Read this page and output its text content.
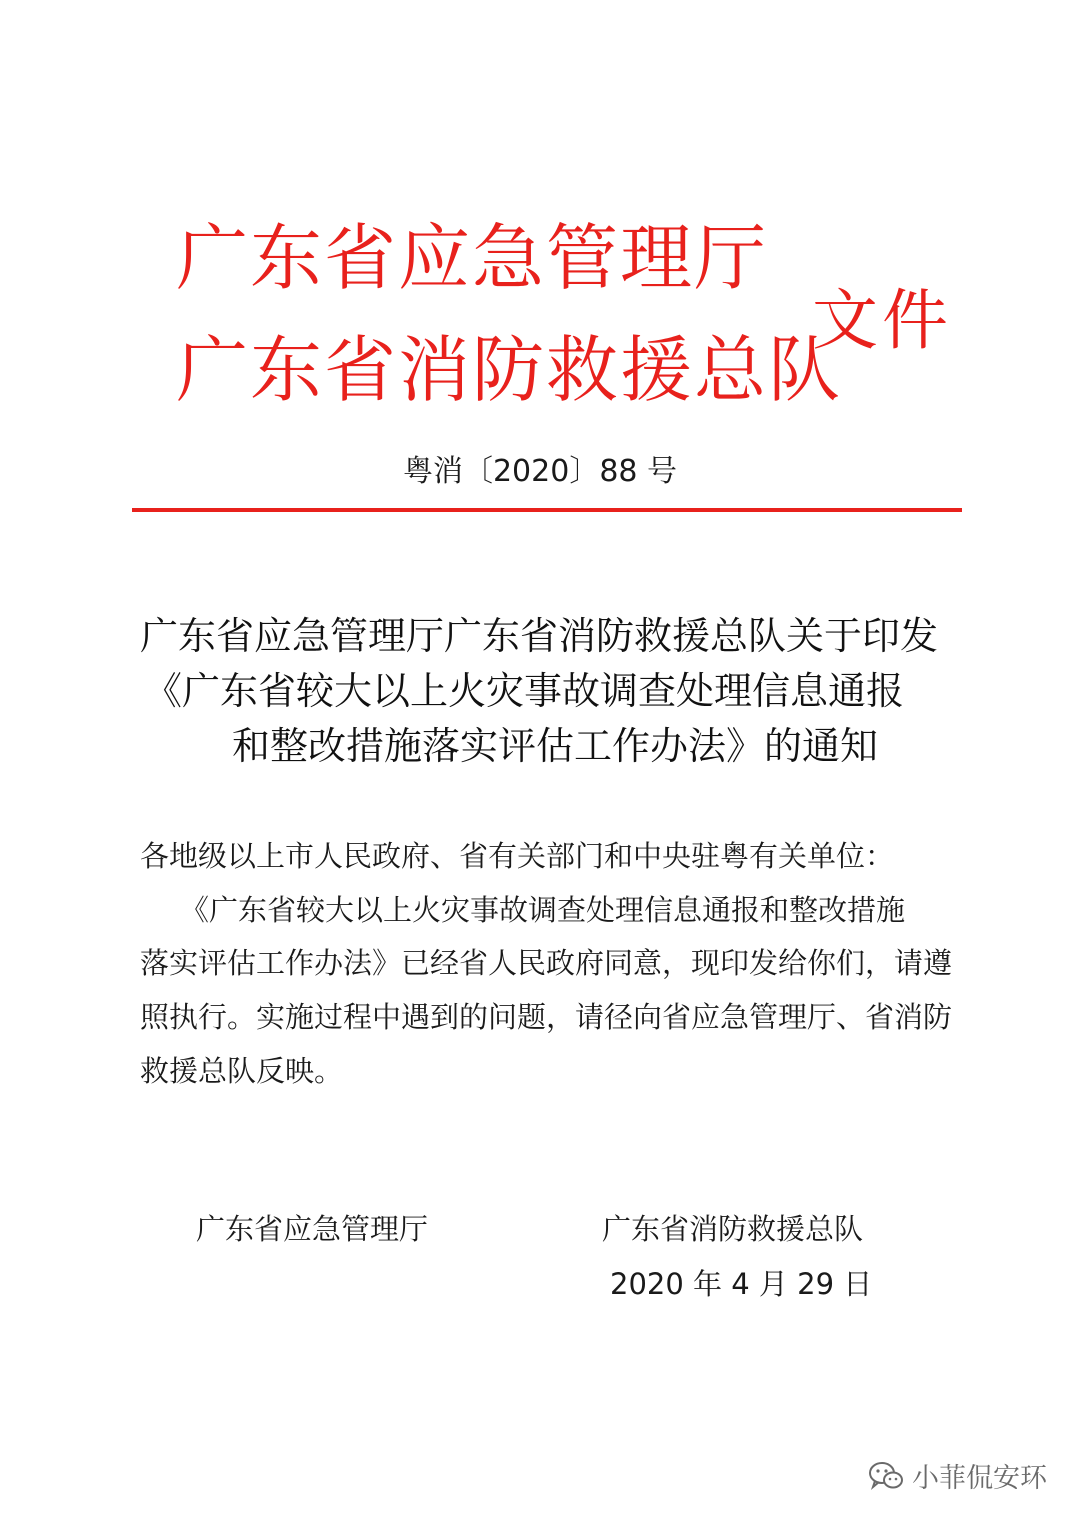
广东省应急管理厅
广东省消防救援总队
文件
粤消〔2020〕88 号
广东省应急管理厅广东省消防救援总队关于印发
《广东省较大以上火灾事故调查处理信息通报
和整改措施落实评估工作办法》的通知
各地级以上市人民政府、省有关部门和中央驻粤有关单位：
《广东省较大以上火灾事故调查处理信息通报和整改措施
落实评估工作办法》已经省人民政府同意，现印发给你们，请遵
照执行。实施过程中遇到的问题，请径向省应急管理厅、省消防
救援总队反映。
广东省应急管理厅	广东省消防救援总队
2020 年 4 月 29 日
小菲侃安环
